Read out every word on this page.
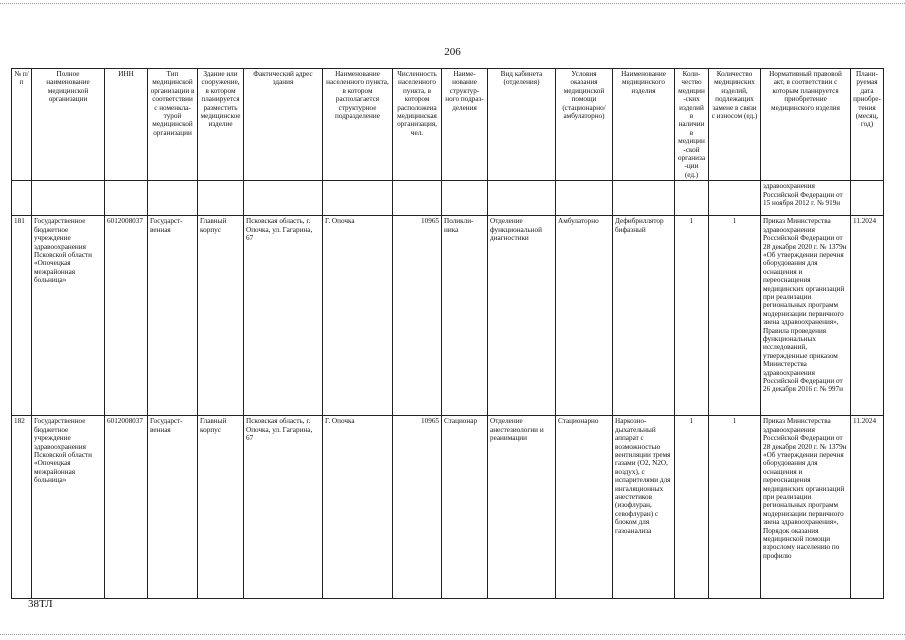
206
№ п/п	Полное наименование медицинской организации	ИНН	Тип медицинской организации в соответствии с номенкла-турой медицинской организации	Здание или сооружение, в котором планируется разместить медицинское изделие	Фактический адрес здания	Наименование населенного пункта, в котором располагается структурное подразделение	Численность населенного пункта, в котором расположена медицинская организация, чел.	Наиме-нование структур-ного подраз-деления	Вид кабинета (отделения)	Условия оказания медицинской помощи (стационарно/ амбулаторно)	Наименование медицинского изделия	Коли-чество медицин-ских изделий в наличии в медицин-ской организа-ции (ед.)	Количество медицинских изделий, подлежащих замене в связи с износом (ед.)	Нормативный правовой акт, в соответствии с которым планируется приобретение медицинского изделия	Плани-руемая дата приобре-тения (месяц, год)
														здравоохранения Российской Федерации от 15 ноября 2012 г. № 919н	
181	Государственное бюджетное учреждение здравоохранения Псковской области «Опочецкая межрайонная больница»	6012008037	Государст-венная	Главный корпус	Псковская область, г. Опочка, ул. Гагарина, 67	Г. Опочка	10965	Поликли-ника	Отделение функциональной диагностики	Амбулаторно	Дефибриллятор бифазный	1	1	Приказ Министерства здравоохранения Российской Федерации от 28 декабря 2020 г. № 1379н «Об утверждении перечня оборудования для оснащения и переоснащения медицинских организаций при реализации региональных программ модернизации первичного звена здравоохранения», Правила проведения функциональных исследований, утвержденные приказом Министерства здравоохранения Российской Федерации от 26 декабря 2016 г. № 997н	11.2024
182	Государственное бюджетное учреждение здравоохранения Псковской области «Опочецкая межрайонная больница»	6012008037	Государст-венная	Главный корпус	Псковская область, г. Опочка, ул. Гагарина, 67	Г. Опочка	10965	Стационар	Отделение анестезиологии и реанимации	Стационарно	Наркозно-дыхательный аппарат с возможностью вентиляции тремя газами (O2, N2O, воздух), с испарителями для ингаляционных анестетиков (изофлуран, севофлуран) с блоком для газоанализа	1	1	Приказ Министерства здравоохранения Российской Федерации от 28 декабря 2020 г. № 1379н «Об утверждении перечня оборудования для оснащения и переоснащения медицинских организаций при реализации региональных программ модернизации первичного звена здравоохранения», Порядок оказания медицинской помощи взрослому населению по профилю	11.2024
38ТЛ
